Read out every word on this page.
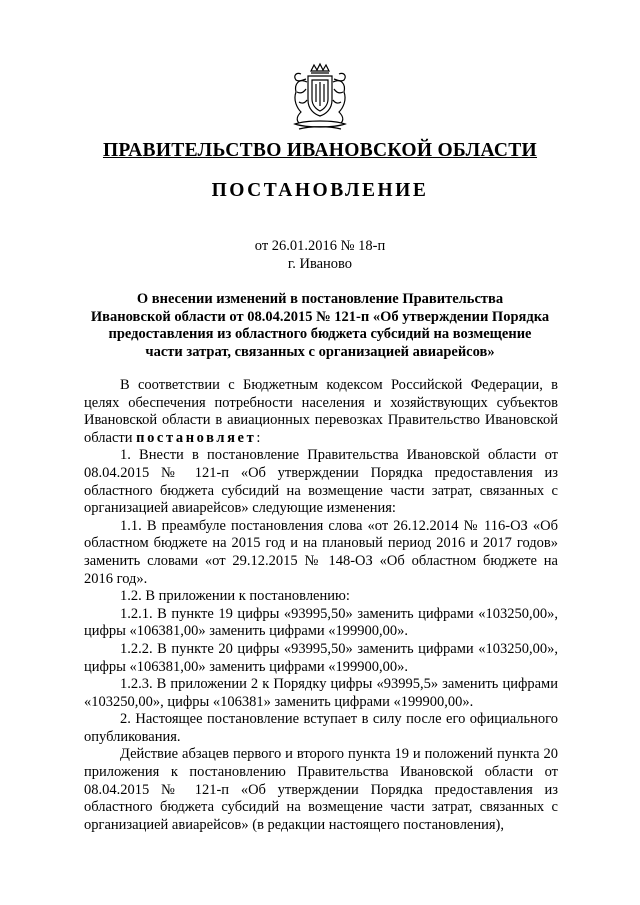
ПРАВИТЕЛЬСТВО ИВАНОВСКОЙ ОБЛАСТИ
ПОСТАНОВЛЕНИЕ
от 26.01.2016 № 18-п
г. Иваново
О внесении изменений в постановление Правительства
Ивановской области от 08.04.2015 № 121-п «Об утверждении Порядка
предоставления из областного бюджета субсидий на возмещение
части затрат, связанных с организацией авиарейсов»

В соответствии с Бюджетным кодексом Российской Федерации, в целях обеспечения потребности населения и хозяйствующих субъектов Ивановской области в авиационных перевозках Правительство Ивановской области постановляет:

1. Внести в постановление Правительства Ивановской области от 08.04.2015 № 121-п «Об утверждении Порядка предоставления из областного бюджета субсидий на возмещение части затрат, связанных с организацией авиарейсов» следующие изменения:

1.1. В преамбуле постановления слова «от 26.12.2014 № 116-ОЗ «Об областном бюджете на 2015 год и на плановый период 2016 и 2017 годов» заменить словами «от 29.12.2015 № 148-ОЗ «Об областном бюджете на 2016 год».

1.2. В приложении к постановлению:

1.2.1. В пункте 19 цифры «93995,50» заменить цифрами «103250,00», цифры «106381,00» заменить цифрами «199900,00».

1.2.2. В пункте 20 цифры «93995,50» заменить цифрами «103250,00», цифры «106381,00» заменить цифрами «199900,00».

1.2.3. В приложении 2 к Порядку цифры «93995,5» заменить цифрами «103250,00», цифры «106381» заменить цифрами «199900,00».

2. Настоящее постановление вступает в силу после его официального опубликования.

Действие абзацев первого и второго пункта 19 и положений пункта 20 приложения к постановлению Правительства Ивановской области от 08.04.2015 № 121-п «Об утверждении Порядка предоставления из областного бюджета субсидий на возмещение части затрат, связанных с организацией авиарейсов» (в редакции настоящего постановления),
